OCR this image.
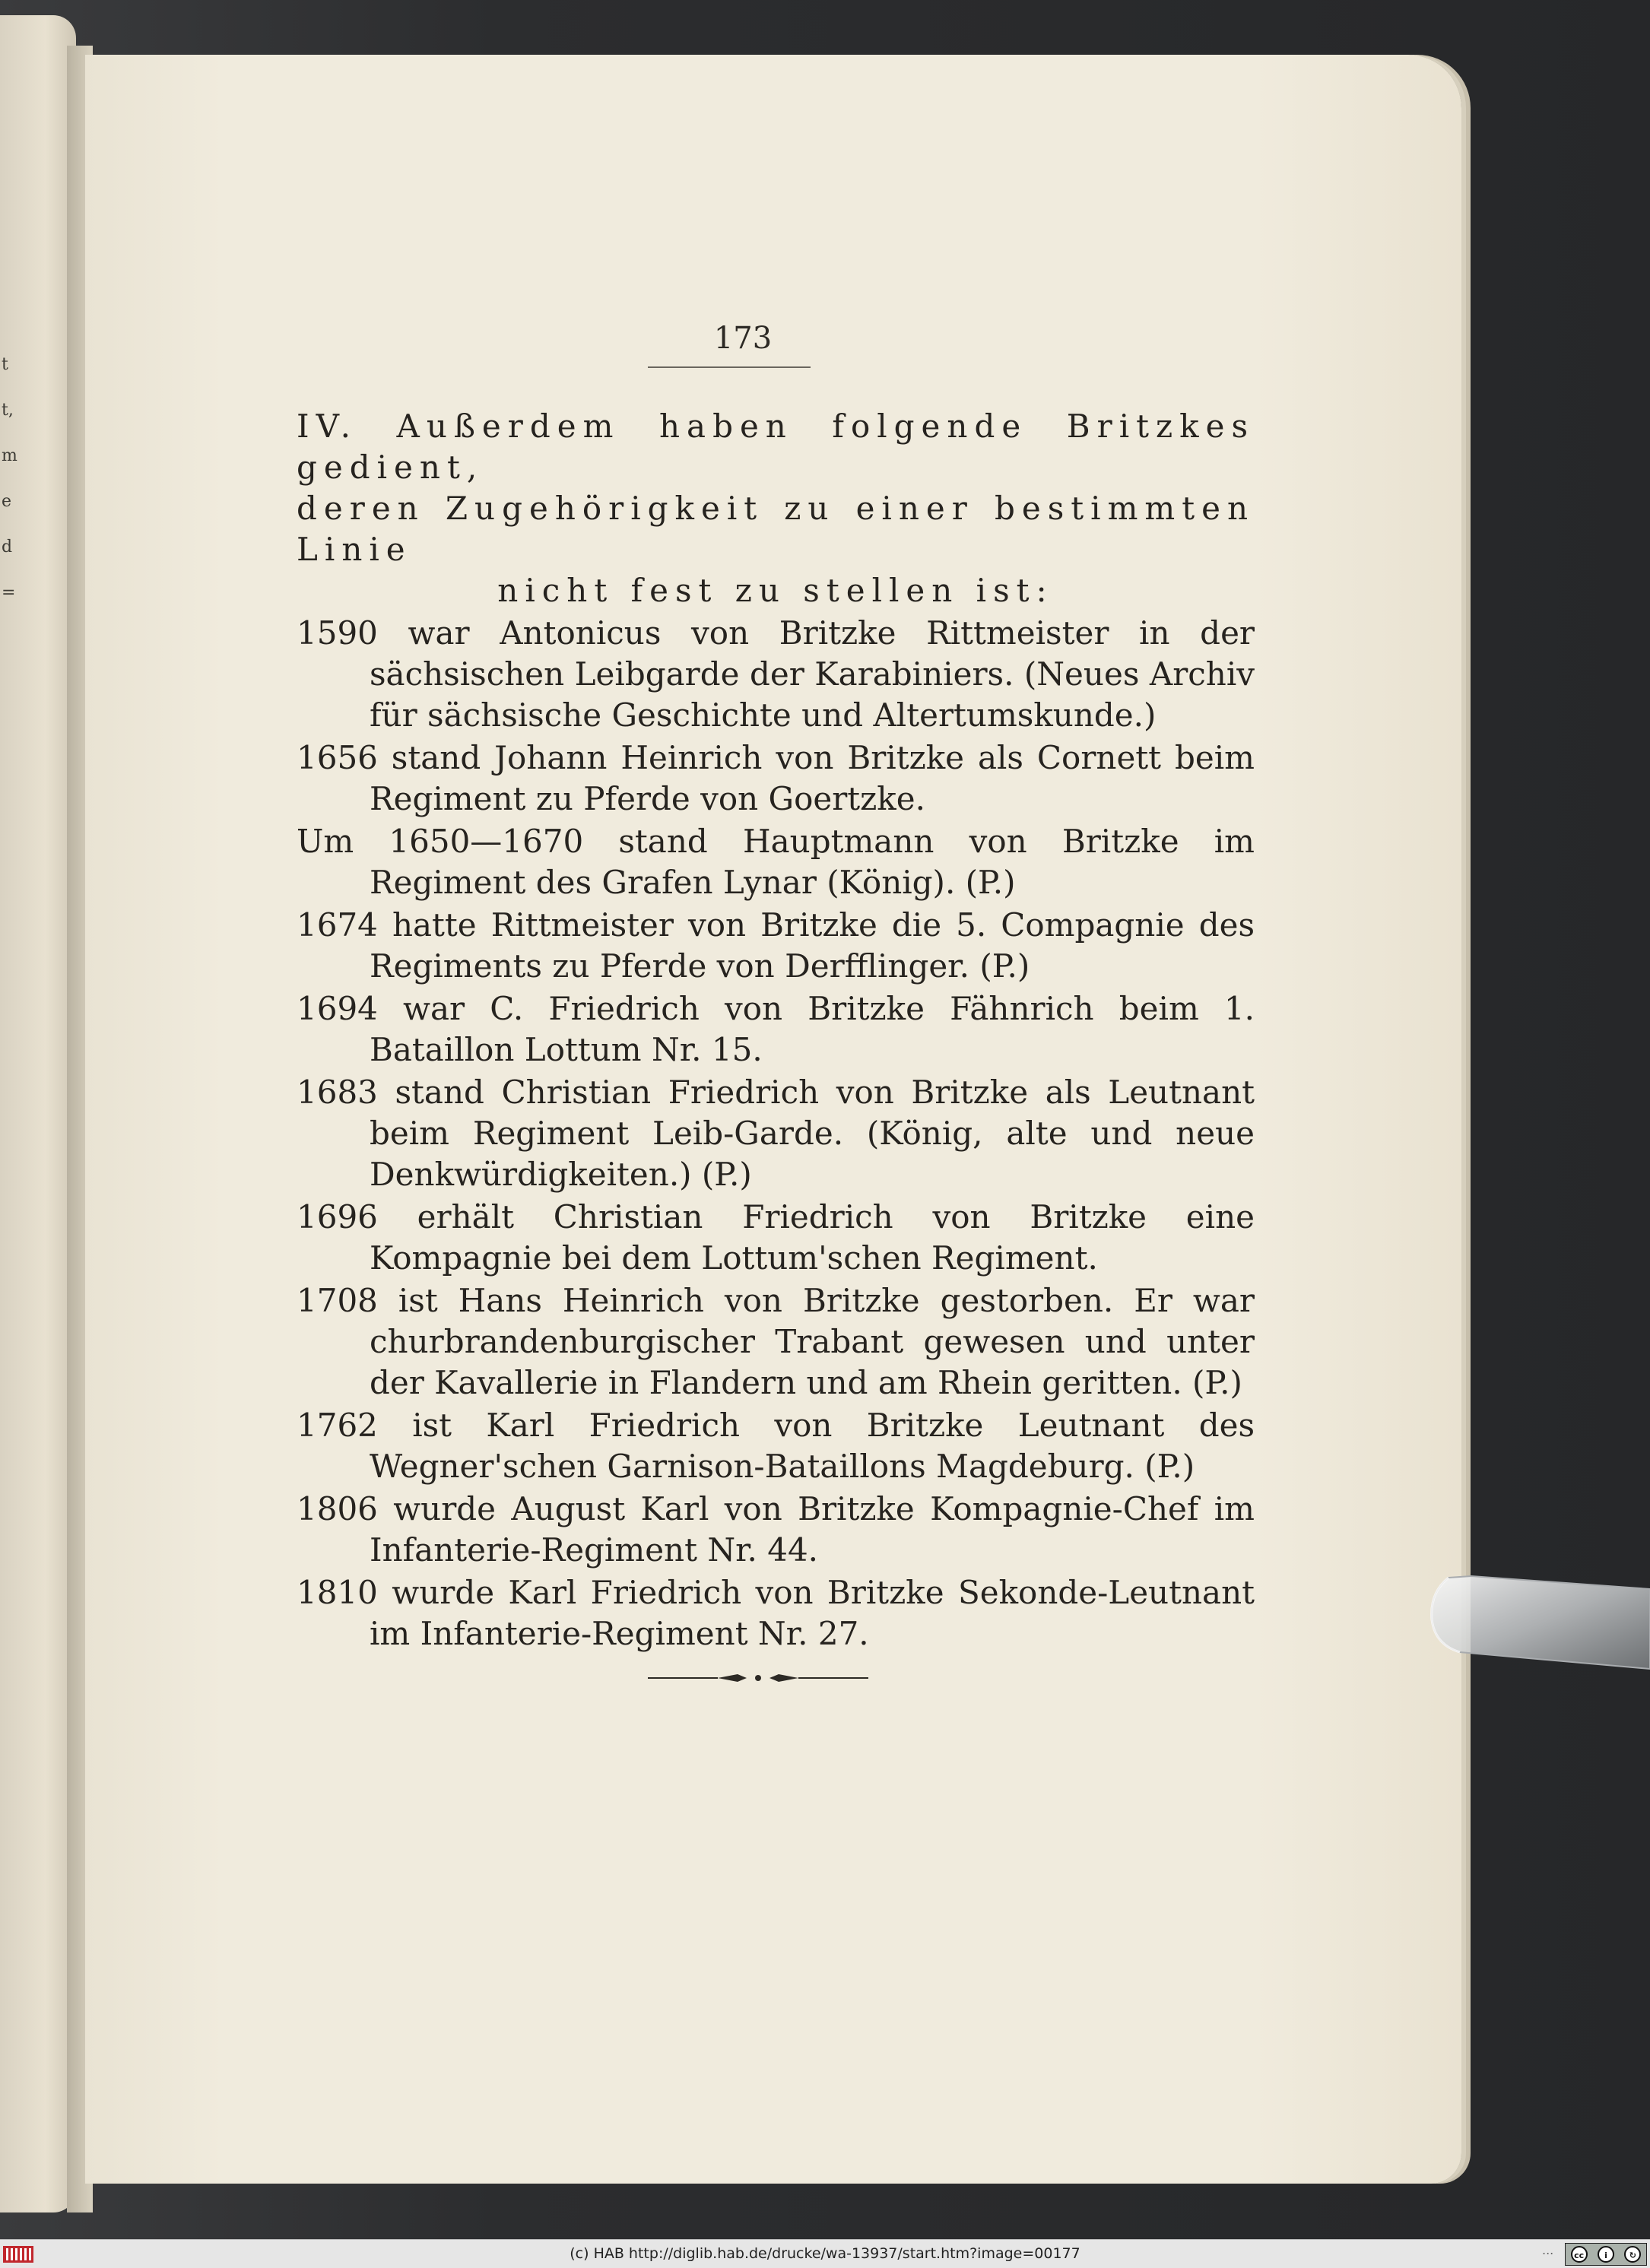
t
t,
m
e
d
=
173
IV. Außerdem haben folgende Britzkes gedient,
deren Zugehörigkeit zu einer bestimmten Linie
nicht fest zu stellen ist:
1590 war Antonicus von Britzke Rittmeister in der sächsischen Leibgarde der Karabiniers. (Neues Archiv für sächsische Geschichte und Altertumskunde.)
1656 stand Johann Heinrich von Britzke als Cornett beim Regiment zu Pferde von Goertzke.
Um 1650—1670 stand Hauptmann von Britzke im Regiment des Grafen Lynar (König). (P.)
1674 hatte Rittmeister von Britzke die 5. Compagnie des Regiments zu Pferde von Derfflinger. (P.)
1694 war C. Friedrich von Britzke Fähnrich beim 1. Bataillon Lottum Nr. 15.
1683 stand Christian Friedrich von Britzke als Leutnant beim Regiment Leib-Garde. (König, alte und neue Denkwürdigkeiten.) (P.)
1696 erhält Christian Friedrich von Britzke eine Kompagnie bei dem Lottum'schen Regiment.
1708 ist Hans Heinrich von Britzke gestorben. Er war churbrandenburgischer Trabant gewesen und unter der Kavallerie in Flandern und am Rhein geritten. (P.)
1762 ist Karl Friedrich von Britzke Leutnant des Wegner'schen Garnison-Bataillons Magdeburg. (P.)
1806 wurde August Karl von Britzke Kompagnie-Chef im Infanterie-Regiment Nr. 44.
1810 wurde Karl Friedrich von Britzke Sekonde-Leutnant im Infanterie-Regiment Nr. 27.
(c) HAB http://diglib.hab.de/drucke/wa-13937/start.htm?image=00177	...	cc	i	↻
